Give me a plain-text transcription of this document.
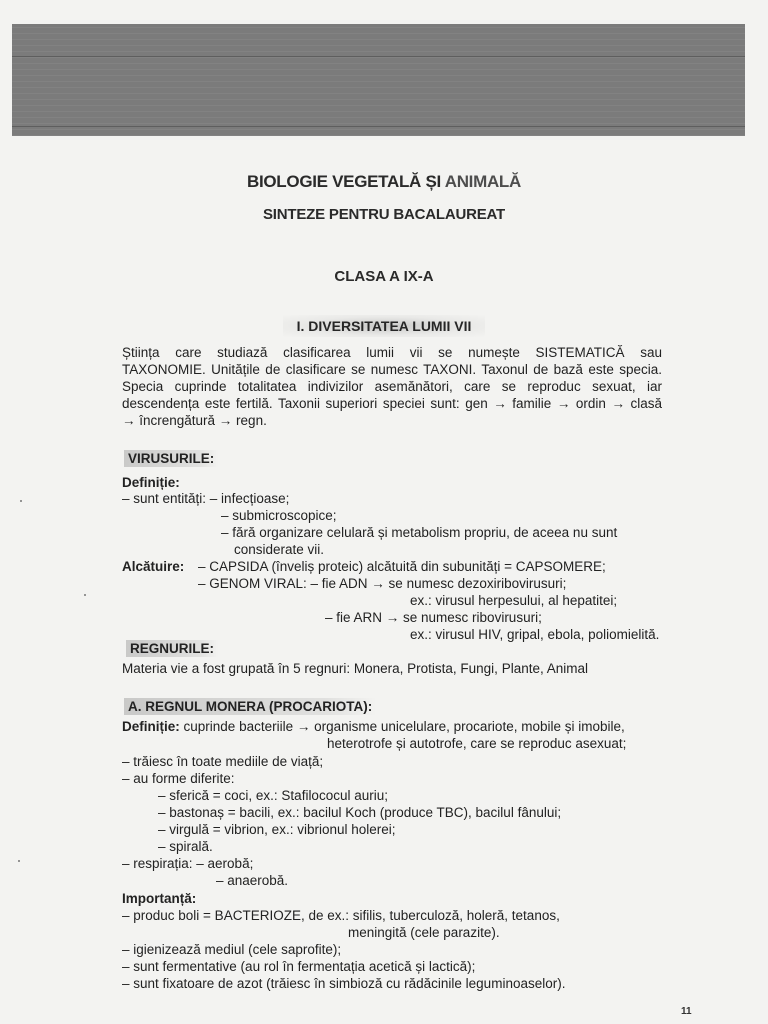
BIOLOGIE VEGETALĂ ȘI ANIMALĂ
SINTEZE PENTRU BACALAUREAT
CLASA A IX-A
I. DIVERSITATEA LUMII VII
Știința care studiază clasificarea lumii vii se numește SISTEMATICĂ sau
TAXONOMIE. Unitățile de clasificare se numesc TAXONI. Taxonul de bază este specia.
Specia cuprinde totalitatea indivizilor asemănători, care se reproduc sexuat, iar
descendența este fertilă. Taxonii superiori speciei sunt: gen → familie → ordin → clasă
→ încrengătură → regn.
VIRUSURILE:
Definiție:
– sunt entități: – infecțioase;
– submicroscopice;
– fără organizare celulară și metabolism propriu, de aceea nu sunt
considerate vii.
Alcătuire: – CAPSIDA (înveliș proteic) alcătuită din subunități = CAPSOMERE;
– GENOM VIRAL: – fie ADN → se numesc dezoxiribovirusuri;
ex.: virusul herpesului, al hepatitei;
– fie ARN → se numesc ribovirusuri;
ex.: virusul HIV, gripal, ebola, poliomielită.
REGNURILE:
Materia vie a fost grupată în 5 regnuri: Monera, Protista, Fungi, Plante, Animal
A. REGNUL MONERA (PROCARIOTA):
Definiție: cuprinde bacteriile → organisme unicelulare, procariote, mobile și imobile,
heterotrofe și autotrofe, care se reproduc asexuat;
– trăiesc în toate mediile de viață;
– au forme diferite:
– sferică = coci, ex.: Stafilococul auriu;
– bastonaș = bacili, ex.: bacilul Koch (produce TBC), bacilul fânului;
– virgulă = vibrion, ex.: vibrionul holerei;
– spirală.
– respirația: – aerobă;
– anaerobă.
Importanță:
– produc boli = BACTERIOZE, de ex.: sifilis, tuberculoză, holeră, tetanos,
meningită (cele parazite).
– igienizează mediul (cele saprofite);
– sunt fermentative (au rol în fermentația acetică și lactică);
– sunt fixatoare de azot (trăiesc în simbioză cu rădăcinile leguminoaselor).
11
